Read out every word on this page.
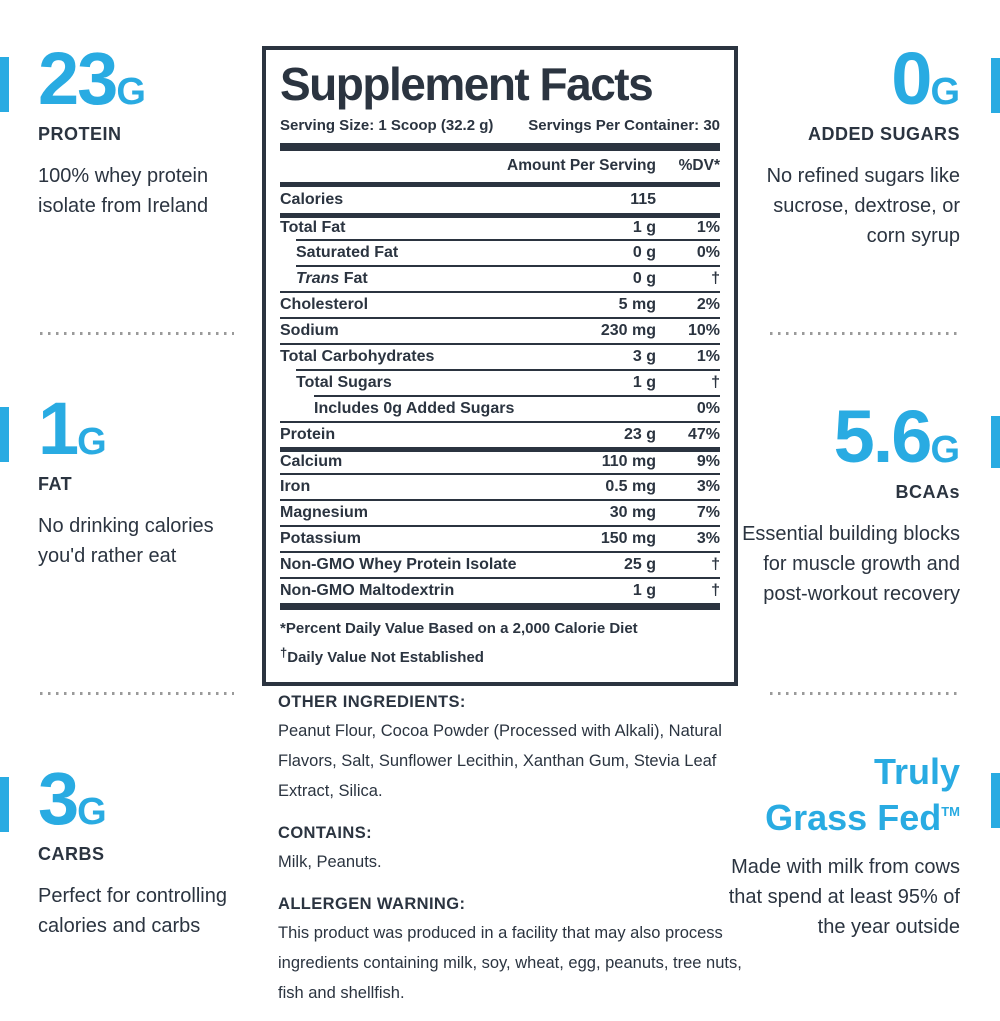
23G
PROTEIN
100% whey protein isolate from Ireland
1G
FAT
No drinking calories you'd rather eat
3G
CARBS
Perfect for controlling calories and carbs
0G
ADDED SUGARS
No refined sugars like sucrose, dextrose, or corn syrup
5.6G
BCAAs
Essential building blocks for muscle growth and post-workout recovery
Truly
Grass Fed™
Made with milk from cows that spend at least 95% of the year outside
Supplement Facts
Serving Size: 1 Scoop (32.2 g) Servings Per Container: 30
Amount Per Serving	%DV*
Calories	115
Total Fat	1 g	1%
Saturated Fat	0 g	0%
Trans Fat	0 g	†
Cholesterol	5 mg	2%
Sodium	230 mg	10%
Total Carbohydrates	3 g	1%
Total Sugars	1 g	†
Includes 0g Added Sugars	0%
Protein	23 g	47%
Calcium	110 mg	9%
Iron	0.5 mg	3%
Magnesium	30 mg	7%
Potassium	150 mg	3%
Non-GMO Whey Protein Isolate	25 g	†
Non-GMO Maltodextrin	1 g	†
*Percent Daily Value Based on a 2,000 Calorie Diet
†Daily Value Not Established
OTHER INGREDIENTS:
Peanut Flour, Cocoa Powder (Processed with Alkali), Natural Flavors, Salt, Sunflower Lecithin, Xanthan Gum, Stevia Leaf Extract, Silica.
CONTAINS:
Milk, Peanuts.
ALLERGEN WARNING:
This product was produced in a facility that may also process ingredients containing milk, soy, wheat, egg, peanuts, tree nuts, fish and shellfish.
